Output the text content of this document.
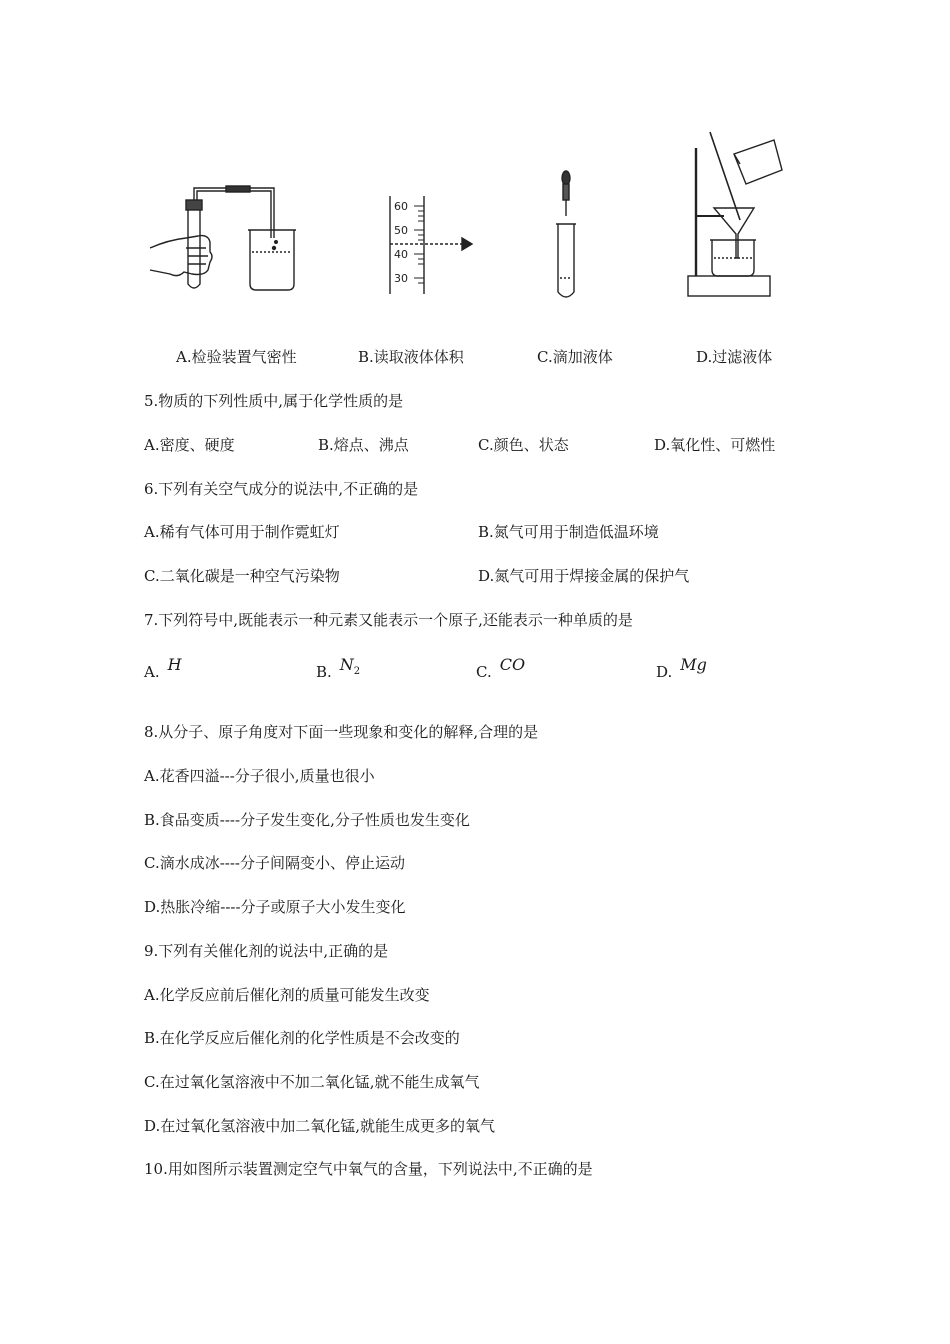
60
50
40
30
A.检验装置气密性	B.读取液体体积	C.滴加液体	D.过滤液体
5.物质的下列性质中,属于化学性质的是
A.密度、硬度	B.熔点、沸点	C.颜色、状态	D.氧化性、可燃性
6.下列有关空气成分的说法中,不正确的是
A.稀有气体可用于制作霓虹灯	B.氮气可用于制造低温环境
C.二氧化碳是一种空气污染物	D.氮气可用于焊接金属的保护气
7.下列符号中,既能表示一种元素又能表示一个原子,还能表示一种单质的是
A. H	B. $N_2$	C. CO	D. Mg
8.从分子、原子角度对下面一些现象和变化的解释,合理的是
A.花香四溢---分子很小,质量也很小
B.食品变质----分子发生变化,分子性质也发生变化
C.滴水成冰----分子间隔变小、停止运动
D.热胀冷缩----分子或原子大小发生变化
9.下列有关催化剂的说法中,正确的是
A.化学反应前后催化剂的质量可能发生改变
B.在化学反应后催化剂的化学性质是不会改变的
C.在过氧化氢溶液中不加二氧化锰,就不能生成氧气
D.在过氧化氢溶液中加二氧化锰,就能生成更多的氧气
10.用如图所示装置测定空气中氧气的含量，下列说法中,不正确的是
